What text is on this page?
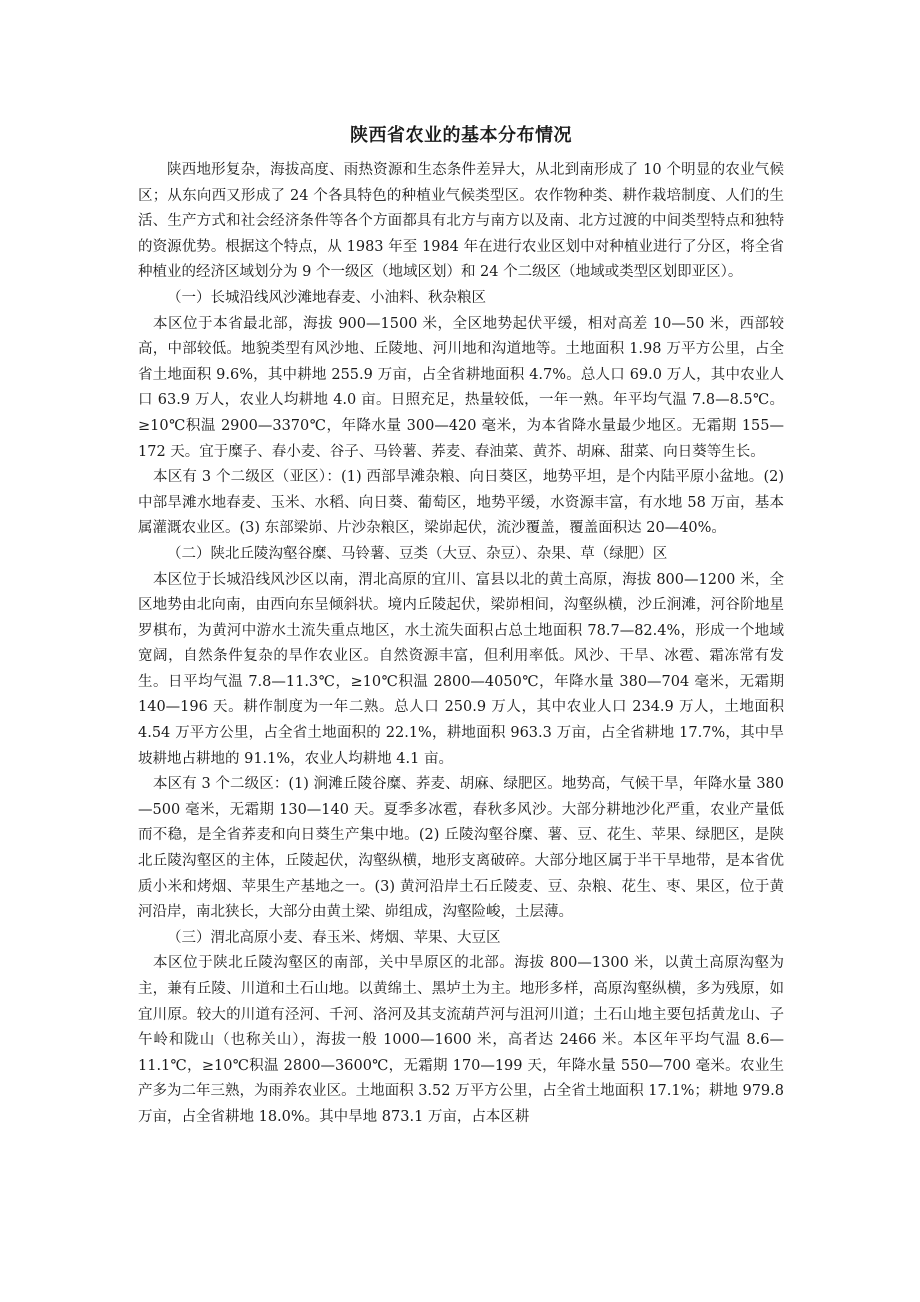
陕西省农业的基本分布情况

陕西地形复杂，海拔高度、雨热资源和生态条件差异大，从北到南形成了 10 个明显的农业气候区；从东向西又形成了 24 个各具特色的种植业气候类型区。农作物种类、耕作栽培制度、人们的生活、生产方式和社会经济条件等各个方面都具有北方与南方以及南、北方过渡的中间类型特点和独特的资源优势。根据这个特点，从 1983 年至 1984 年在进行农业区划中对种植业进行了分区，将全省种植业的经济区域划分为 9 个一级区（地域区划）和 24 个二级区（地域或类型区划即亚区）。

（一）长城沿线风沙滩地春麦、小油料、秋杂粮区

本区位于本省最北部，海拔 900—1500 米，全区地势起伏平缓，相对高差 10—50 米，西部较高，中部较低。地貌类型有风沙地、丘陵地、河川地和沟道地等。土地面积 1.98 万平方公里，占全省土地面积 9.6%，其中耕地 255.9 万亩，占全省耕地面积 4.7%。总人口 69.0 万人，其中农业人口 63.9 万人，农业人均耕地 4.0 亩。日照充足，热量较低，一年一熟。年平均气温 7.8—8.5℃。≥10℃积温 2900—3370℃，年降水量 300—420 毫米，为本省降水量最少地区。无霜期 155—172 天。宜于糜子、春小麦、谷子、马铃薯、荞麦、春油菜、黄芥、胡麻、甜菜、向日葵等生长。

本区有 3 个二级区（亚区）：(1) 西部旱滩杂粮、向日葵区，地势平坦，是个内陆平原小盆地。(2) 中部旱滩水地春麦、玉米、水稻、向日葵、葡萄区，地势平缓，水资源丰富，有水地 58 万亩，基本属灌溉农业区。(3) 东部梁峁、片沙杂粮区，梁峁起伏，流沙覆盖，覆盖面积达 20—40%。

（二）陕北丘陵沟壑谷糜、马铃薯、豆类（大豆、杂豆）、杂果、草（绿肥）区

本区位于长城沿线风沙区以南，渭北高原的宜川、富县以北的黄土高原，海拔 800—1200 米，全区地势由北向南，由西向东呈倾斜状。境内丘陵起伏，梁峁相间，沟壑纵横，沙丘涧滩，河谷阶地星罗棋布，为黄河中游水土流失重点地区，水土流失面积占总土地面积 78.7—82.4%，形成一个地域宽阔，自然条件复杂的旱作农业区。自然资源丰富，但利用率低。风沙、干旱、冰雹、霜冻常有发生。日平均气温 7.8—11.3℃，≥10℃积温 2800—4050℃，年降水量 380—704 毫米，无霜期 140—196 天。耕作制度为一年二熟。总人口 250.9 万人，其中农业人口 234.9 万人，土地面积 4.54 万平方公里，占全省土地面积的 22.1%，耕地面积 963.3 万亩，占全省耕地 17.7%，其中旱坡耕地占耕地的 91.1%，农业人均耕地 4.1 亩。

本区有 3 个二级区：(1) 涧滩丘陵谷糜、荞麦、胡麻、绿肥区。地势高，气候干旱，年降水量 380—500 毫米，无霜期 130—140 天。夏季多冰雹，春秋多风沙。大部分耕地沙化严重，农业产量低而不稳，是全省荞麦和向日葵生产集中地。(2) 丘陵沟壑谷糜、薯、豆、花生、苹果、绿肥区，是陕北丘陵沟壑区的主体，丘陵起伏，沟壑纵横，地形支离破碎。大部分地区属于半干旱地带，是本省优质小米和烤烟、苹果生产基地之一。(3) 黄河沿岸土石丘陵麦、豆、杂粮、花生、枣、果区，位于黄河沿岸，南北狭长，大部分由黄土梁、峁组成，沟壑险峻，土层薄。

（三）渭北高原小麦、春玉米、烤烟、苹果、大豆区

本区位于陕北丘陵沟壑区的南部，关中旱原区的北部。海拔 800—1300 米，以黄土高原沟壑为主，兼有丘陵、川道和土石山地。以黄绵土、黑垆土为主。地形多样，高原沟壑纵横，多为残原，如宜川原。较大的川道有泾河、千河、洛河及其支流葫芦河与沮河川道；土石山地主要包括黄龙山、子午岭和陇山（也称关山），海拔一般 1000—1600 米，高者达 2466 米。本区年平均气温 8.6—11.1℃，≥10℃积温 2800—3600℃，无霜期 170—199 天，年降水量 550—700 毫米。农业生产多为二年三熟，为雨养农业区。土地面积 3.52 万平方公里，占全省土地面积 17.1%；耕地 979.8 万亩，占全省耕地 18.0%。其中旱地 873.1 万亩，占本区耕
